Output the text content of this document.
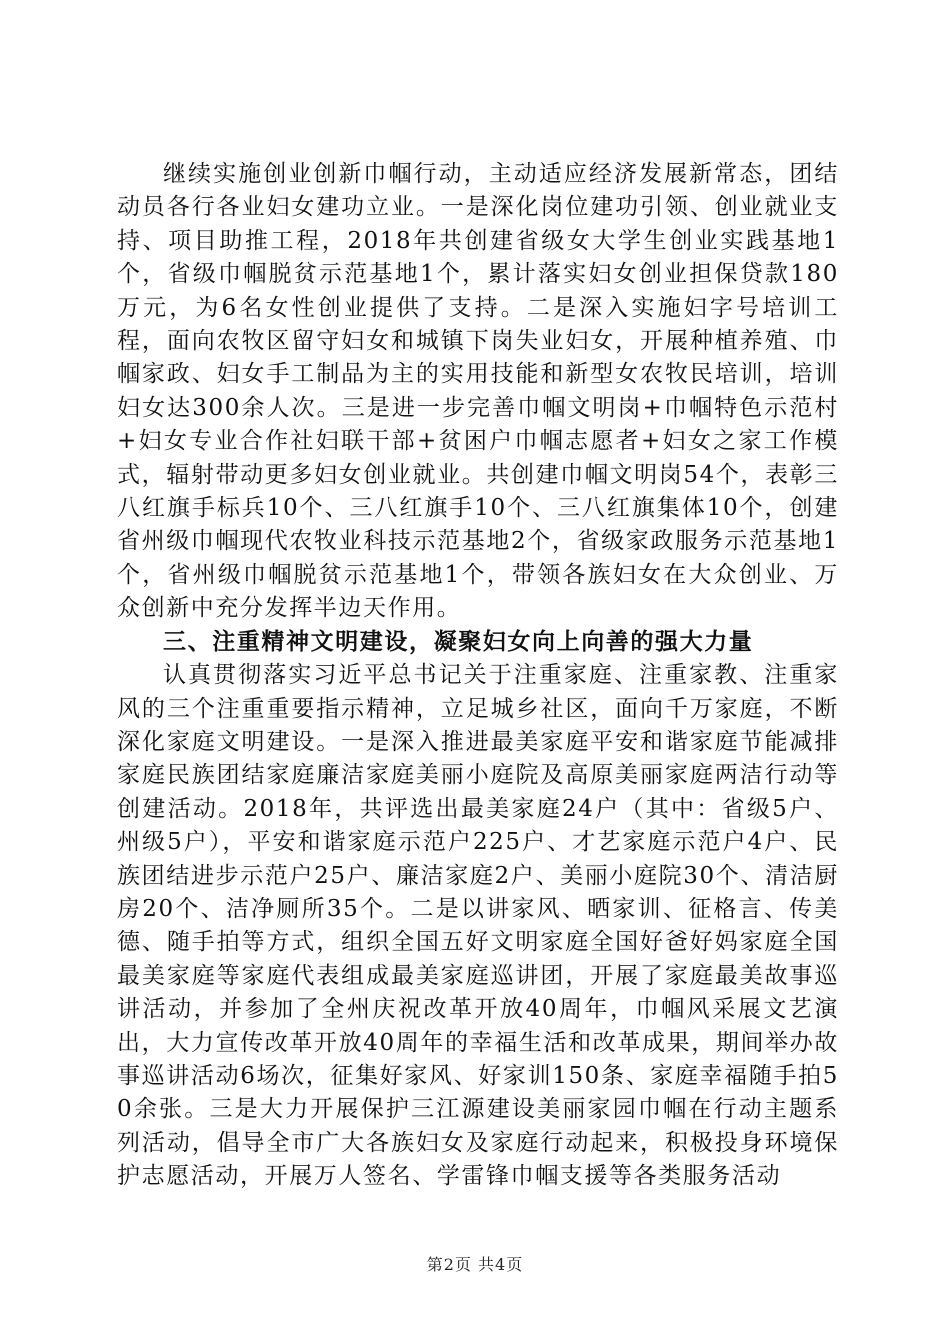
继续实施创业创新巾帼行动，主动适应经济发展新常态，团结动员各行各业妇女建功立业。一是深化岗位建功引领、创业就业支持、项目助推工程，2018年共创建省级女大学生创业实践基地1个，省级巾帼脱贫示范基地1个，累计落实妇女创业担保贷款180万元，为6名女性创业提供了支持。二是深入实施妇字号培训工程，面向农牧区留守妇女和城镇下岗失业妇女，开展种植养殖、巾帼家政、妇女手工制品为主的实用技能和新型女农牧民培训，培训妇女达300余人次。三是进一步完善巾帼文明岗+巾帼特色示范村+妇女专业合作社妇联干部+贫困户巾帼志愿者+妇女之家工作模式，辐射带动更多妇女创业就业。共创建巾帼文明岗54个，表彰三八红旗手标兵10个、三八红旗手10个、三八红旗集体10个，创建省州级巾帼现代农牧业科技示范基地2个，省级家政服务示范基地1个，省州级巾帼脱贫示范基地1个，带领各族妇女在大众创业、万众创新中充分发挥半边天作用。

三、注重精神文明建设，凝聚妇女向上向善的强大力量

认真贯彻落实习近平总书记关于注重家庭、注重家教、注重家风的三个注重重要指示精神，立足城乡社区，面向千万家庭，不断深化家庭文明建设。一是深入推进最美家庭平安和谐家庭节能减排家庭民族团结家庭廉洁家庭美丽小庭院及高原美丽家庭两洁行动等创建活动。2018年，共评选出最美家庭24户（其中：省级5户、州级5户），平安和谐家庭示范户225户、才艺家庭示范户4户、民族团结进步示范户25户、廉洁家庭2户、美丽小庭院30个、清洁厨房20个、洁净厕所35个。二是以讲家风、晒家训、征格言、传美德、随手拍等方式，组织全国五好文明家庭全国好爸好妈家庭全国最美家庭等家庭代表组成最美家庭巡讲团，开展了家庭最美故事巡讲活动，并参加了全州庆祝改革开放40周年，巾帼风采展文艺演出，大力宣传改革开放40周年的幸福生活和改革成果，期间举办故事巡讲活动6场次，征集好家风、好家训150条、家庭幸福随手拍50余张。三是大力开展保护三江源建设美丽家园巾帼在行动主题系列活动，倡导全市广大各族妇女及家庭行动起来，积极投身环境保护志愿活动，开展万人签名、学雷锋巾帼支援等各类服务活动

第2页 共4页
